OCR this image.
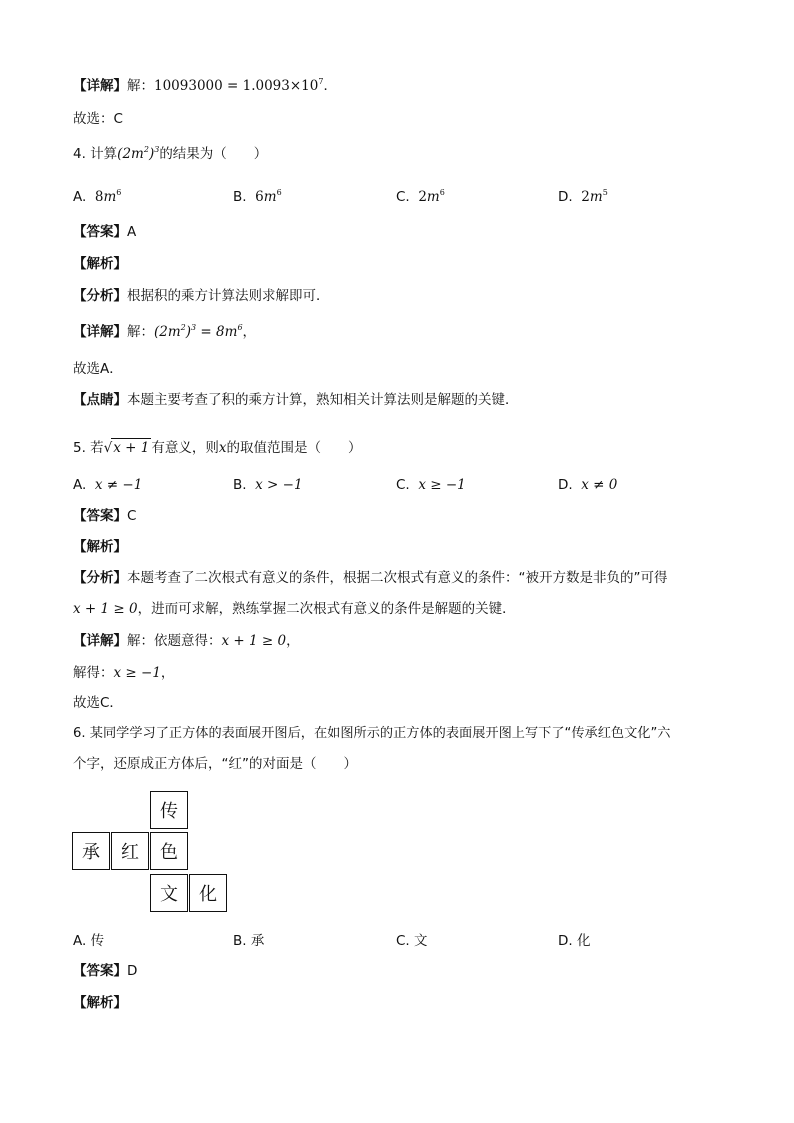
【详解】解：$10093000 = 1.0093\times 10^7$．
故选：C
4. 计算$(2m^2)^3$的结果为（　　）
A. $8m^6$	B. $6m^6$	C. $2m^6$	D. $2m^5$
【答案】A
【解析】
【分析】根据积的乘方计算法则求解即可．
【详解】解：$(2m^2)^3 = 8m^6$，
故选A．
【点睛】本题主要考查了积的乘方计算，熟知相关计算法则是解题的关键．
5. 若√x + 1 有意义，则x的取值范围是（　　）
A. x ≠ −1	B. x > −1	C. x ≥ −1	D. x ≠ 0
【答案】C
【解析】
【分析】本题考查了二次根式有意义的条件，根据二次根式有意义的条件：“被开方数是非负的”可得
x + 1 ≥ 0，进而可求解，熟练掌握二次根式有意义的条件是解题的关键．
【详解】解：依题意得：x + 1 ≥ 0，
解得：x ≥ −1，
故选C．
6. 某同学学习了正方体的表面展开图后，在如图所示的正方体的表面展开图上写下了“传承红色文化”六
个字，还原成正方体后，“红”的对面是（　　）
传
承	红	色
文	化
A. 传	B. 承	C. 文	D. 化
【答案】D
【解析】
